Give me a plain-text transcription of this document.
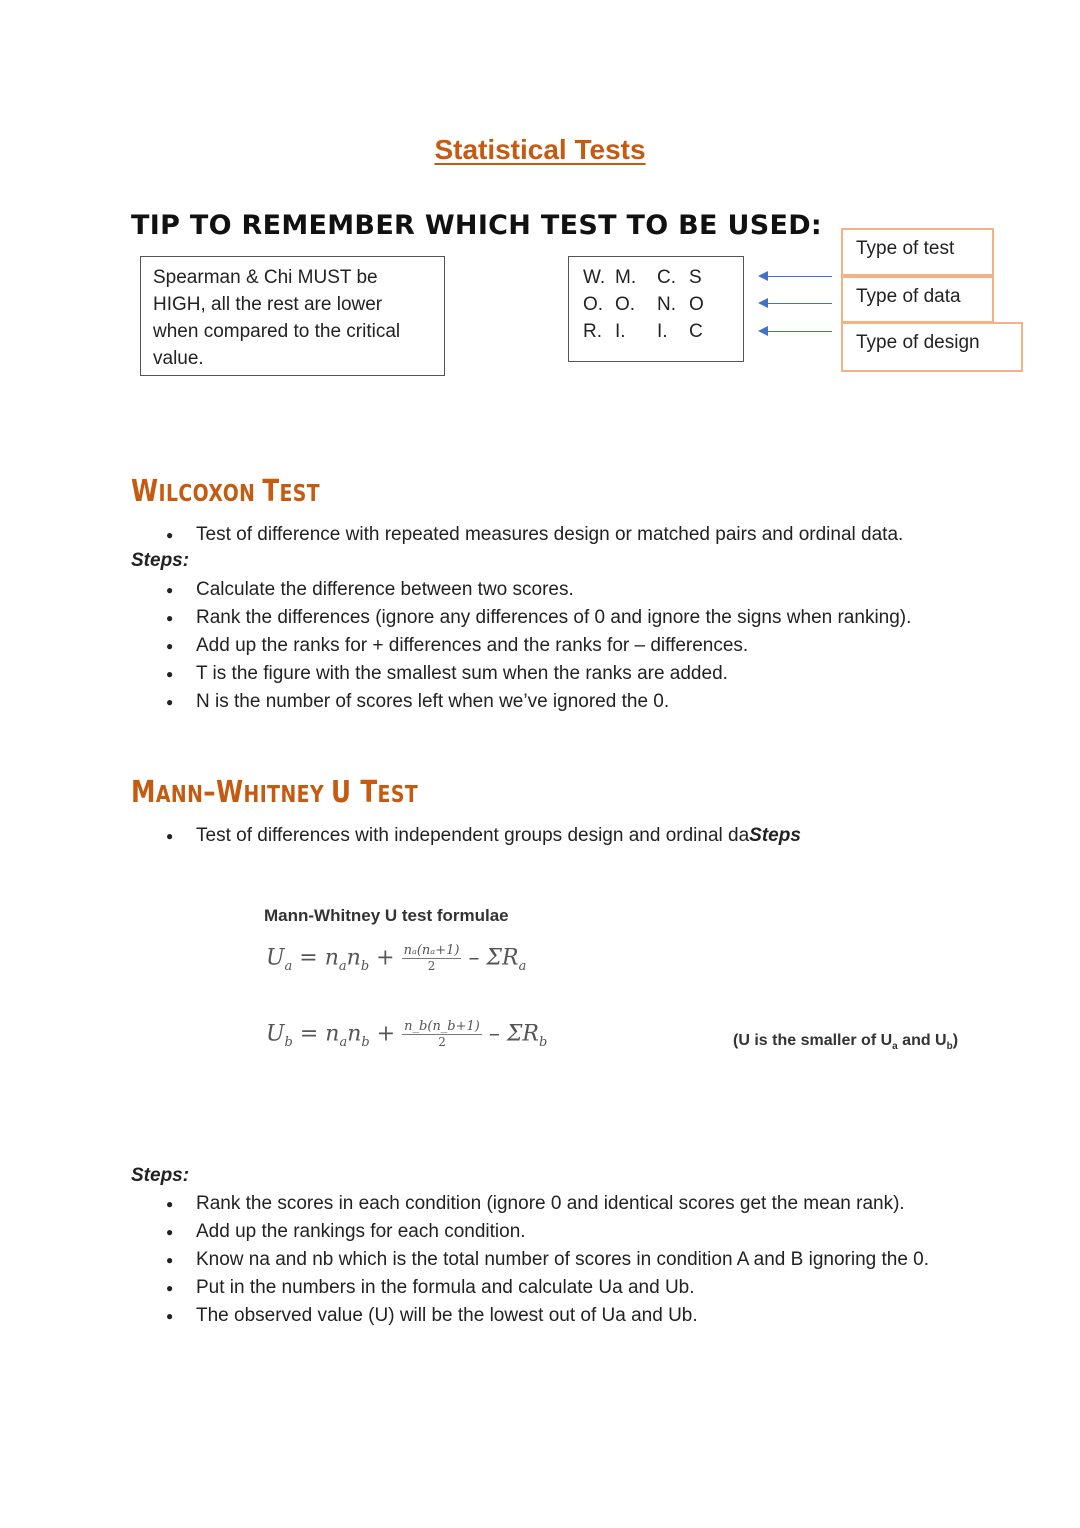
Statistical Tests
TIP TO REMEMBER WHICH TEST TO BE USED:
Spearman & Chi MUST be
HIGH, all the rest are lower
when compared to the critical
value.
W. M.	C. S
O. O.	N. O
R. I.	I.	C
Type of test
Type of data
Type of design
WILCOXON TEST
● Test of difference with repeated measures design or matched pairs and ordinal data.
Steps:
● Calculate the difference between two scores.
● Rank the differences (ignore any differences of 0 and ignore the signs when ranking).
● Add up the ranks for + differences and the ranks for – differences.
● T is the figure with the smallest sum when the ranks are added.
● N is the number of scores left when we’ve ignored the 0.
MANN–WHITNEY U TEST
● Test of differences with independent groups design and ordinal daSteps
Mann-Whitney U test formulae
$U_a = n_an_b + \frac{\text{nₐ(nₐ+1)}}{2} - \Sigma R_a$
$U_b = n_an_b + \frac{n\_b(n\_b+1)}{2} - \Sigma R_b$	(U is the smaller of $U_a$ and $U_b$)
Steps:
● Rank the scores in each condition (ignore 0 and identical scores get the mean rank).
● Add up the rankings for each condition.
● Know na and nb which is the total number of scores in condition A and B ignoring the 0.
● Put in the numbers in the formula and calculate Ua and Ub.
● The observed value (U) will be the lowest out of Ua and Ub.
